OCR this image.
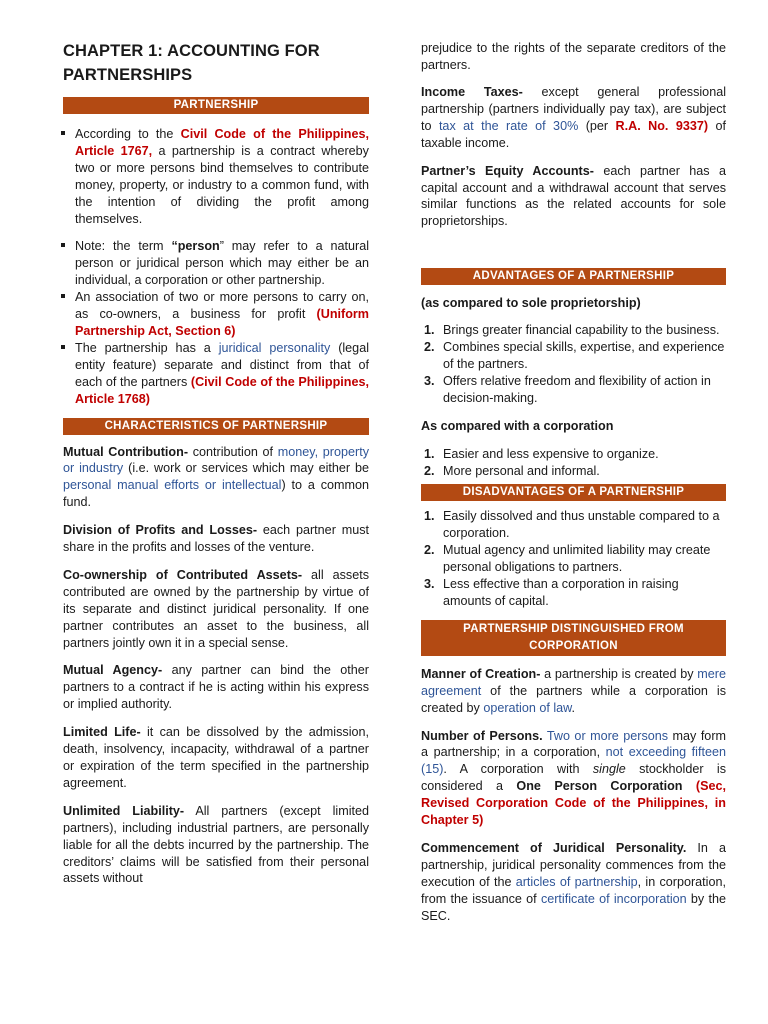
CHAPTER 1: ACCOUNTING FOR
PARTNERSHIPS
PARTNERSHIP
According to the Civil Code of the Philippines, Article 1767, a partnership is a contract whereby two or more persons bind themselves to contribute money, property, or industry to a common fund, with the intention of dividing the profit among themselves.
Note: the term “person” may refer to a natural person or juridical person which may either be an individual, a corporation or other partnership.
An association of two or more persons to carry on, as co-owners, a business for profit (Uniform Partnership Act, Section 6)
The partnership has a juridical personality (legal entity feature) separate and distinct from that of each of the partners (Civil Code of the Philippines, Article 1768)
CHARACTERISTICS OF PARTNERSHIP

Mutual Contribution- contribution of money, property or industry (i.e. work or services which may either be personal manual efforts or intellectual) to a common fund.

Division of Profits and Losses- each partner must share in the profits and losses of the venture.

Co-ownership of Contributed Assets- all assets contributed are owned by the partnership by virtue of its separate and distinct juridical personality. If one partner contributes an asset to the business, all partners jointly own it in a special sense.

Mutual Agency- any partner can bind the other partners to a contract if he is acting within his express or implied authority.

Limited Life- it can be dissolved by the admission, death, insolvency, incapacity, withdrawal of a partner or expiration of the term specified in the partnership agreement.

Unlimited Liability- All partners (except limited partners), including industrial partners, are personally liable for all the debts incurred by the partnership. The creditors’ claims will be satisfied from their personal assets without

prejudice to the rights of the separate creditors of the partners.

Income Taxes- except general professional partnership (partners individually pay tax), are subject to tax at the rate of 30% (per R.A. No. 9337) of taxable income.

Partner’s Equity Accounts- each partner has a capital account and a withdrawal account that serves similar functions as the related accounts for sole proprietorships.

ADVANTAGES OF A PARTNERSHIP

(as compared to sole proprietorship)

1. Brings greater financial capability to the business.
2. Combines special skills, expertise, and experience of the partners.
3. Offers relative freedom and flexibility of action in decision-making.

As compared with a corporation

1. Easier and less expensive to organize.
2. More personal and informal.
DISADVANTAGES OF A PARTNERSHIP
1. Easily dissolved and thus unstable compared to a corporation.
2. Mutual agency and unlimited liability may create personal obligations to partners.
3. Less effective than a corporation in raising amounts of capital.
PARTNERSHIP DISTINGUISHED FROM
CORPORATION

Manner of Creation- a partnership is created by mere agreement of the partners while a corporation is created by operation of law.

Number of Persons. Two or more persons may form a partnership; in a corporation, not exceeding fifteen (15). A corporation with single stockholder is considered a One Person Corporation (Sec, Revised Corporation Code of the Philippines, in Chapter 5)

Commencement of Juridical Personality. In a partnership, juridical personality commences from the execution of the articles of partnership, in corporation, from the issuance of certificate of incorporation by the SEC.
